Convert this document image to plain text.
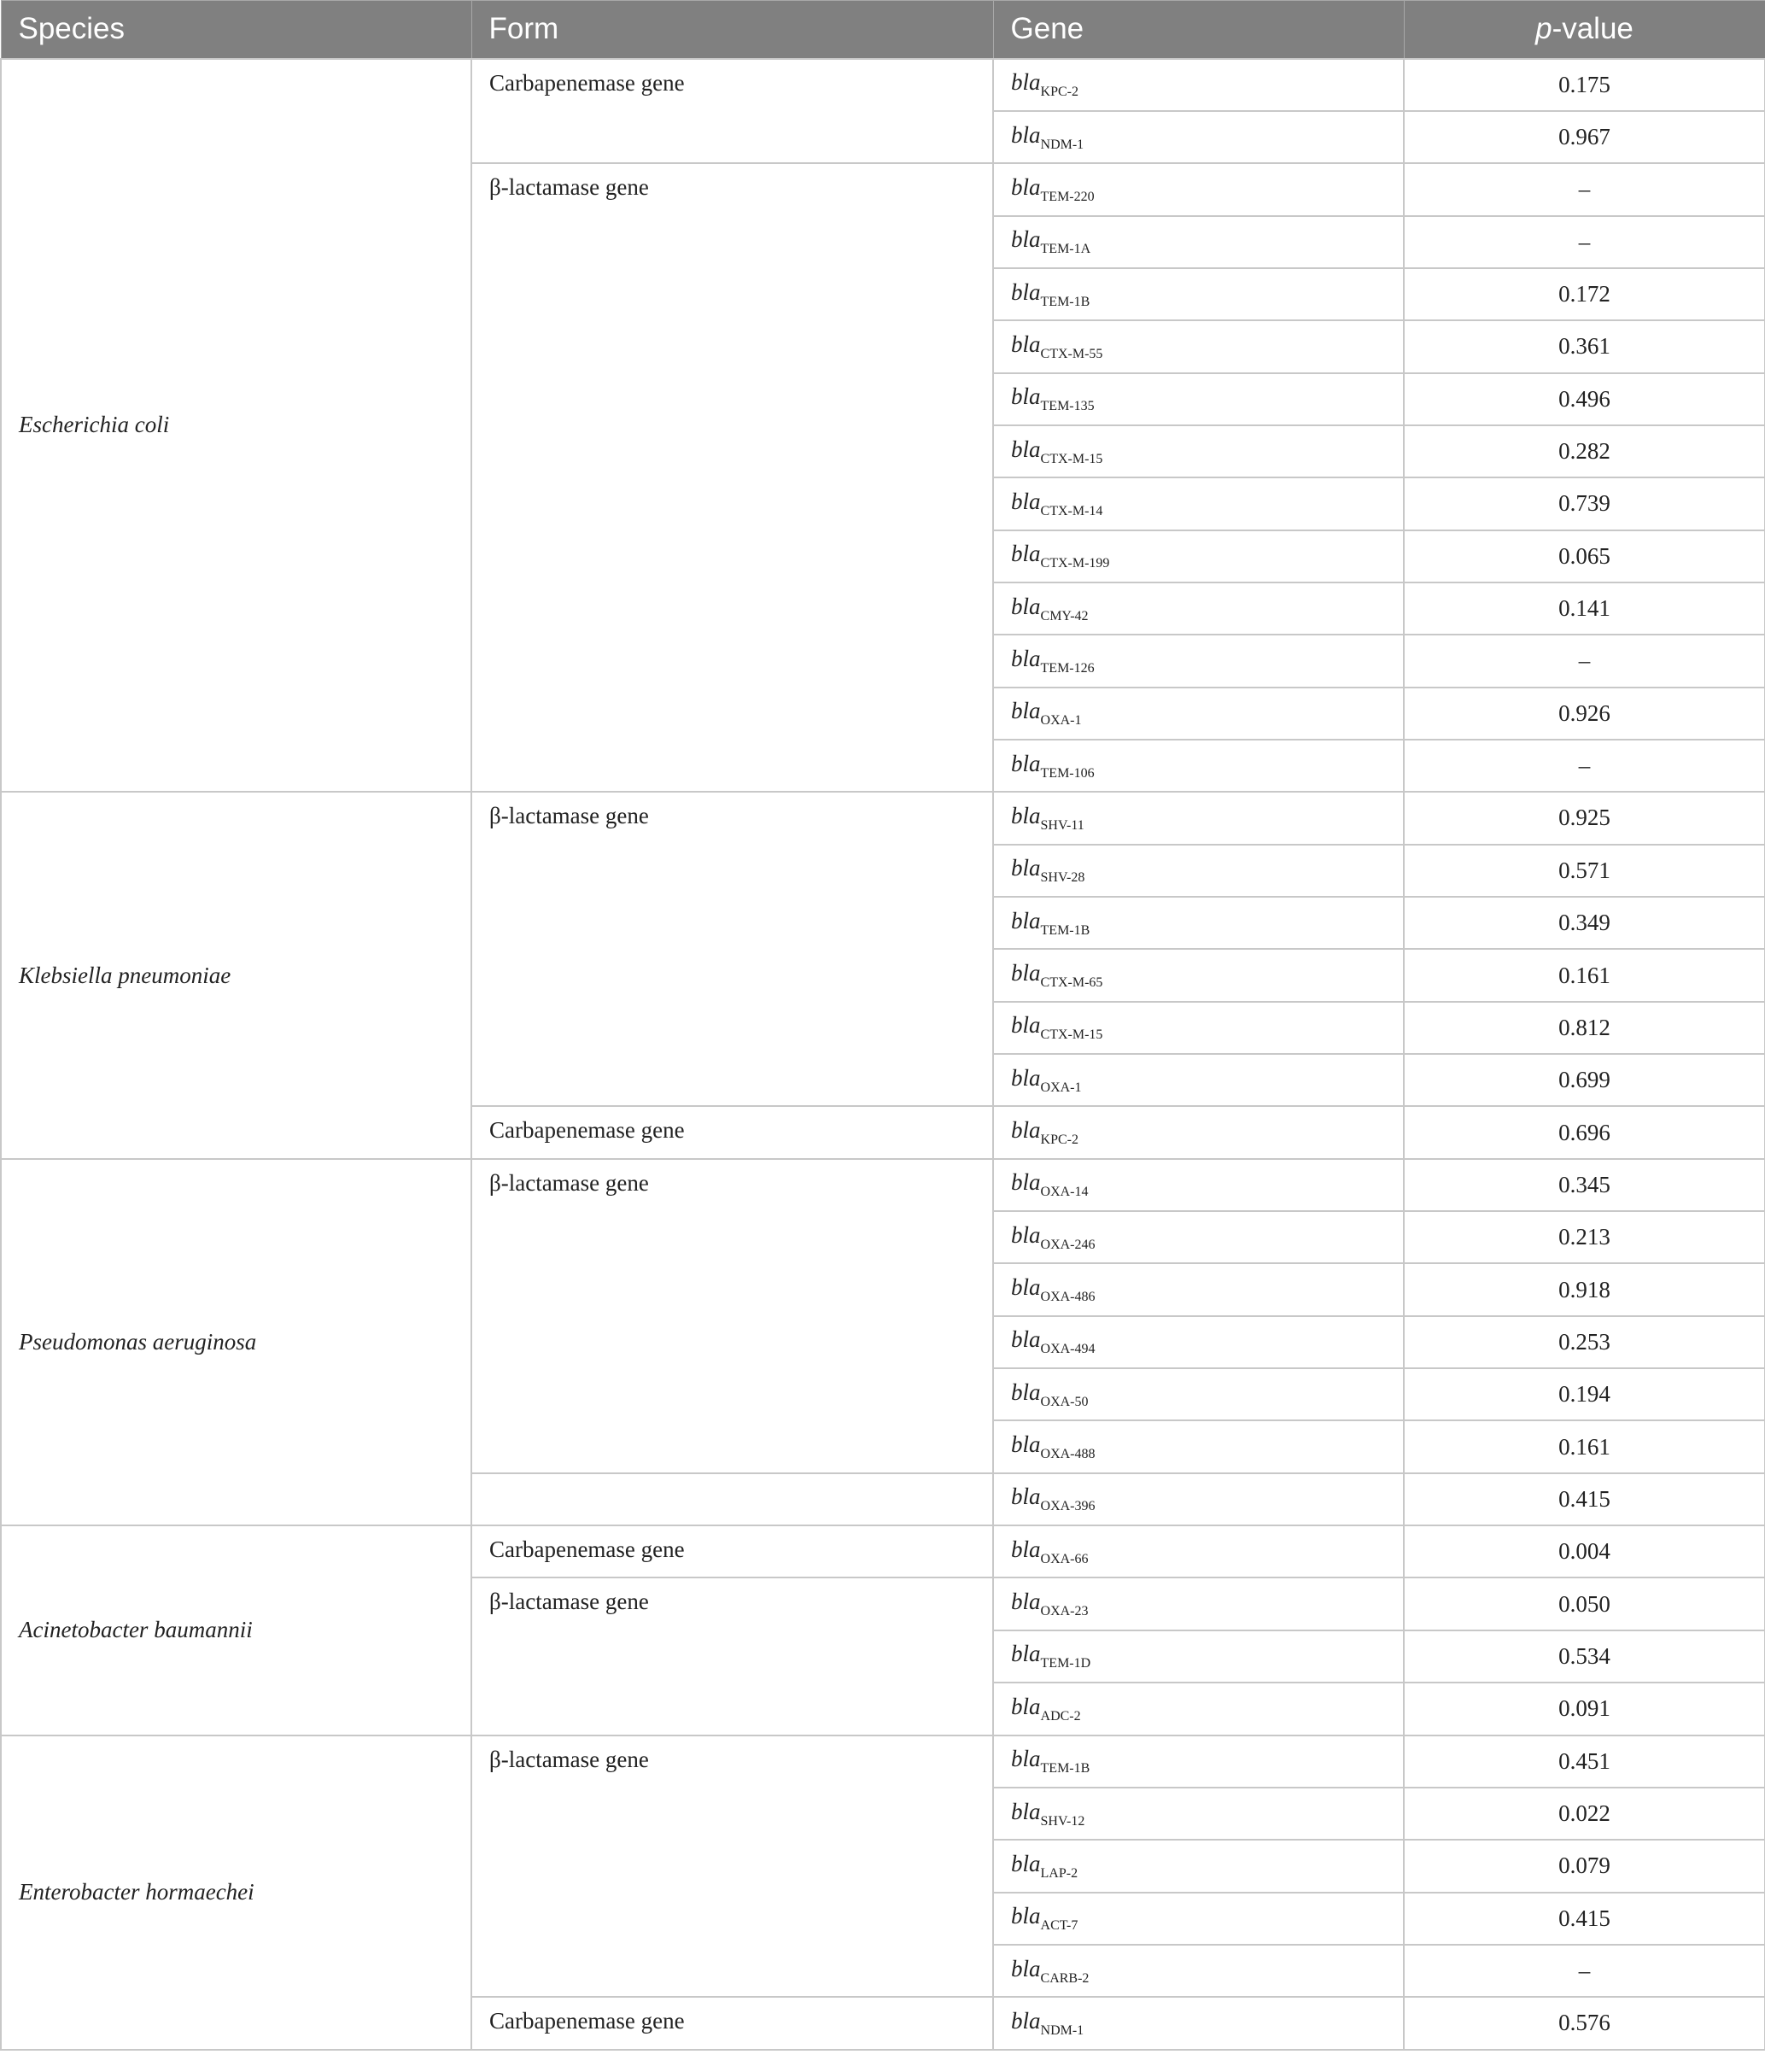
Species	Form	Gene	p-value
Escherichia coli	Carbapenemase gene	bla$_{KPC-2}$	0.175
		bla$_{NDM-1}$	0.967
	β-lactamase gene	bla$_{TEM-220}$	–
		bla$_{TEM-1A}$	–
		bla$_{TEM-1B}$	0.172
		bla$_{CTX-M-55}$	0.361
		bla$_{TEM-135}$	0.496
		bla$_{CTX-M-15}$	0.282
		bla$_{CTX-M-14}$	0.739
		bla$_{CTX-M-199}$	0.065
		bla$_{CMY-42}$	0.141
		bla$_{TEM-126}$	–
		bla$_{OXA-1}$	0.926
		bla$_{TEM-106}$	–
Klebsiella pneumoniae	β-lactamase gene	bla$_{SHV-11}$	0.925
		bla$_{SHV-28}$	0.571
		bla$_{TEM-1B}$	0.349
		bla$_{CTX-M-65}$	0.161
		bla$_{CTX-M-15}$	0.812
		bla$_{OXA-1}$	0.699
	Carbapenemase gene	bla$_{KPC-2}$	0.696
Pseudomonas aeruginosa	β-lactamase gene	bla$_{OXA-14}$	0.345
		bla$_{OXA-246}$	0.213
		bla$_{OXA-486}$	0.918
		bla$_{OXA-494}$	0.253
		bla$_{OXA-50}$	0.194
		bla$_{OXA-488}$	0.161
		bla$_{OXA-396}$	0.415
Acinetobacter baumannii	Carbapenemase gene	bla$_{OXA-66}$	0.004
	β-lactamase gene	bla$_{OXA-23}$	0.050
		bla$_{TEM-1D}$	0.534
		bla$_{ADC-2}$	0.091
Enterobacter hormaechei	β-lactamase gene	bla$_{TEM-1B}$	0.451
		bla$_{SHV-12}$	0.022
		bla$_{LAP-2}$	0.079
		bla$_{ACT-7}$	0.415
		bla$_{CARB-2}$	–
	Carbapenemase gene	bla$_{NDM-1}$	0.576
